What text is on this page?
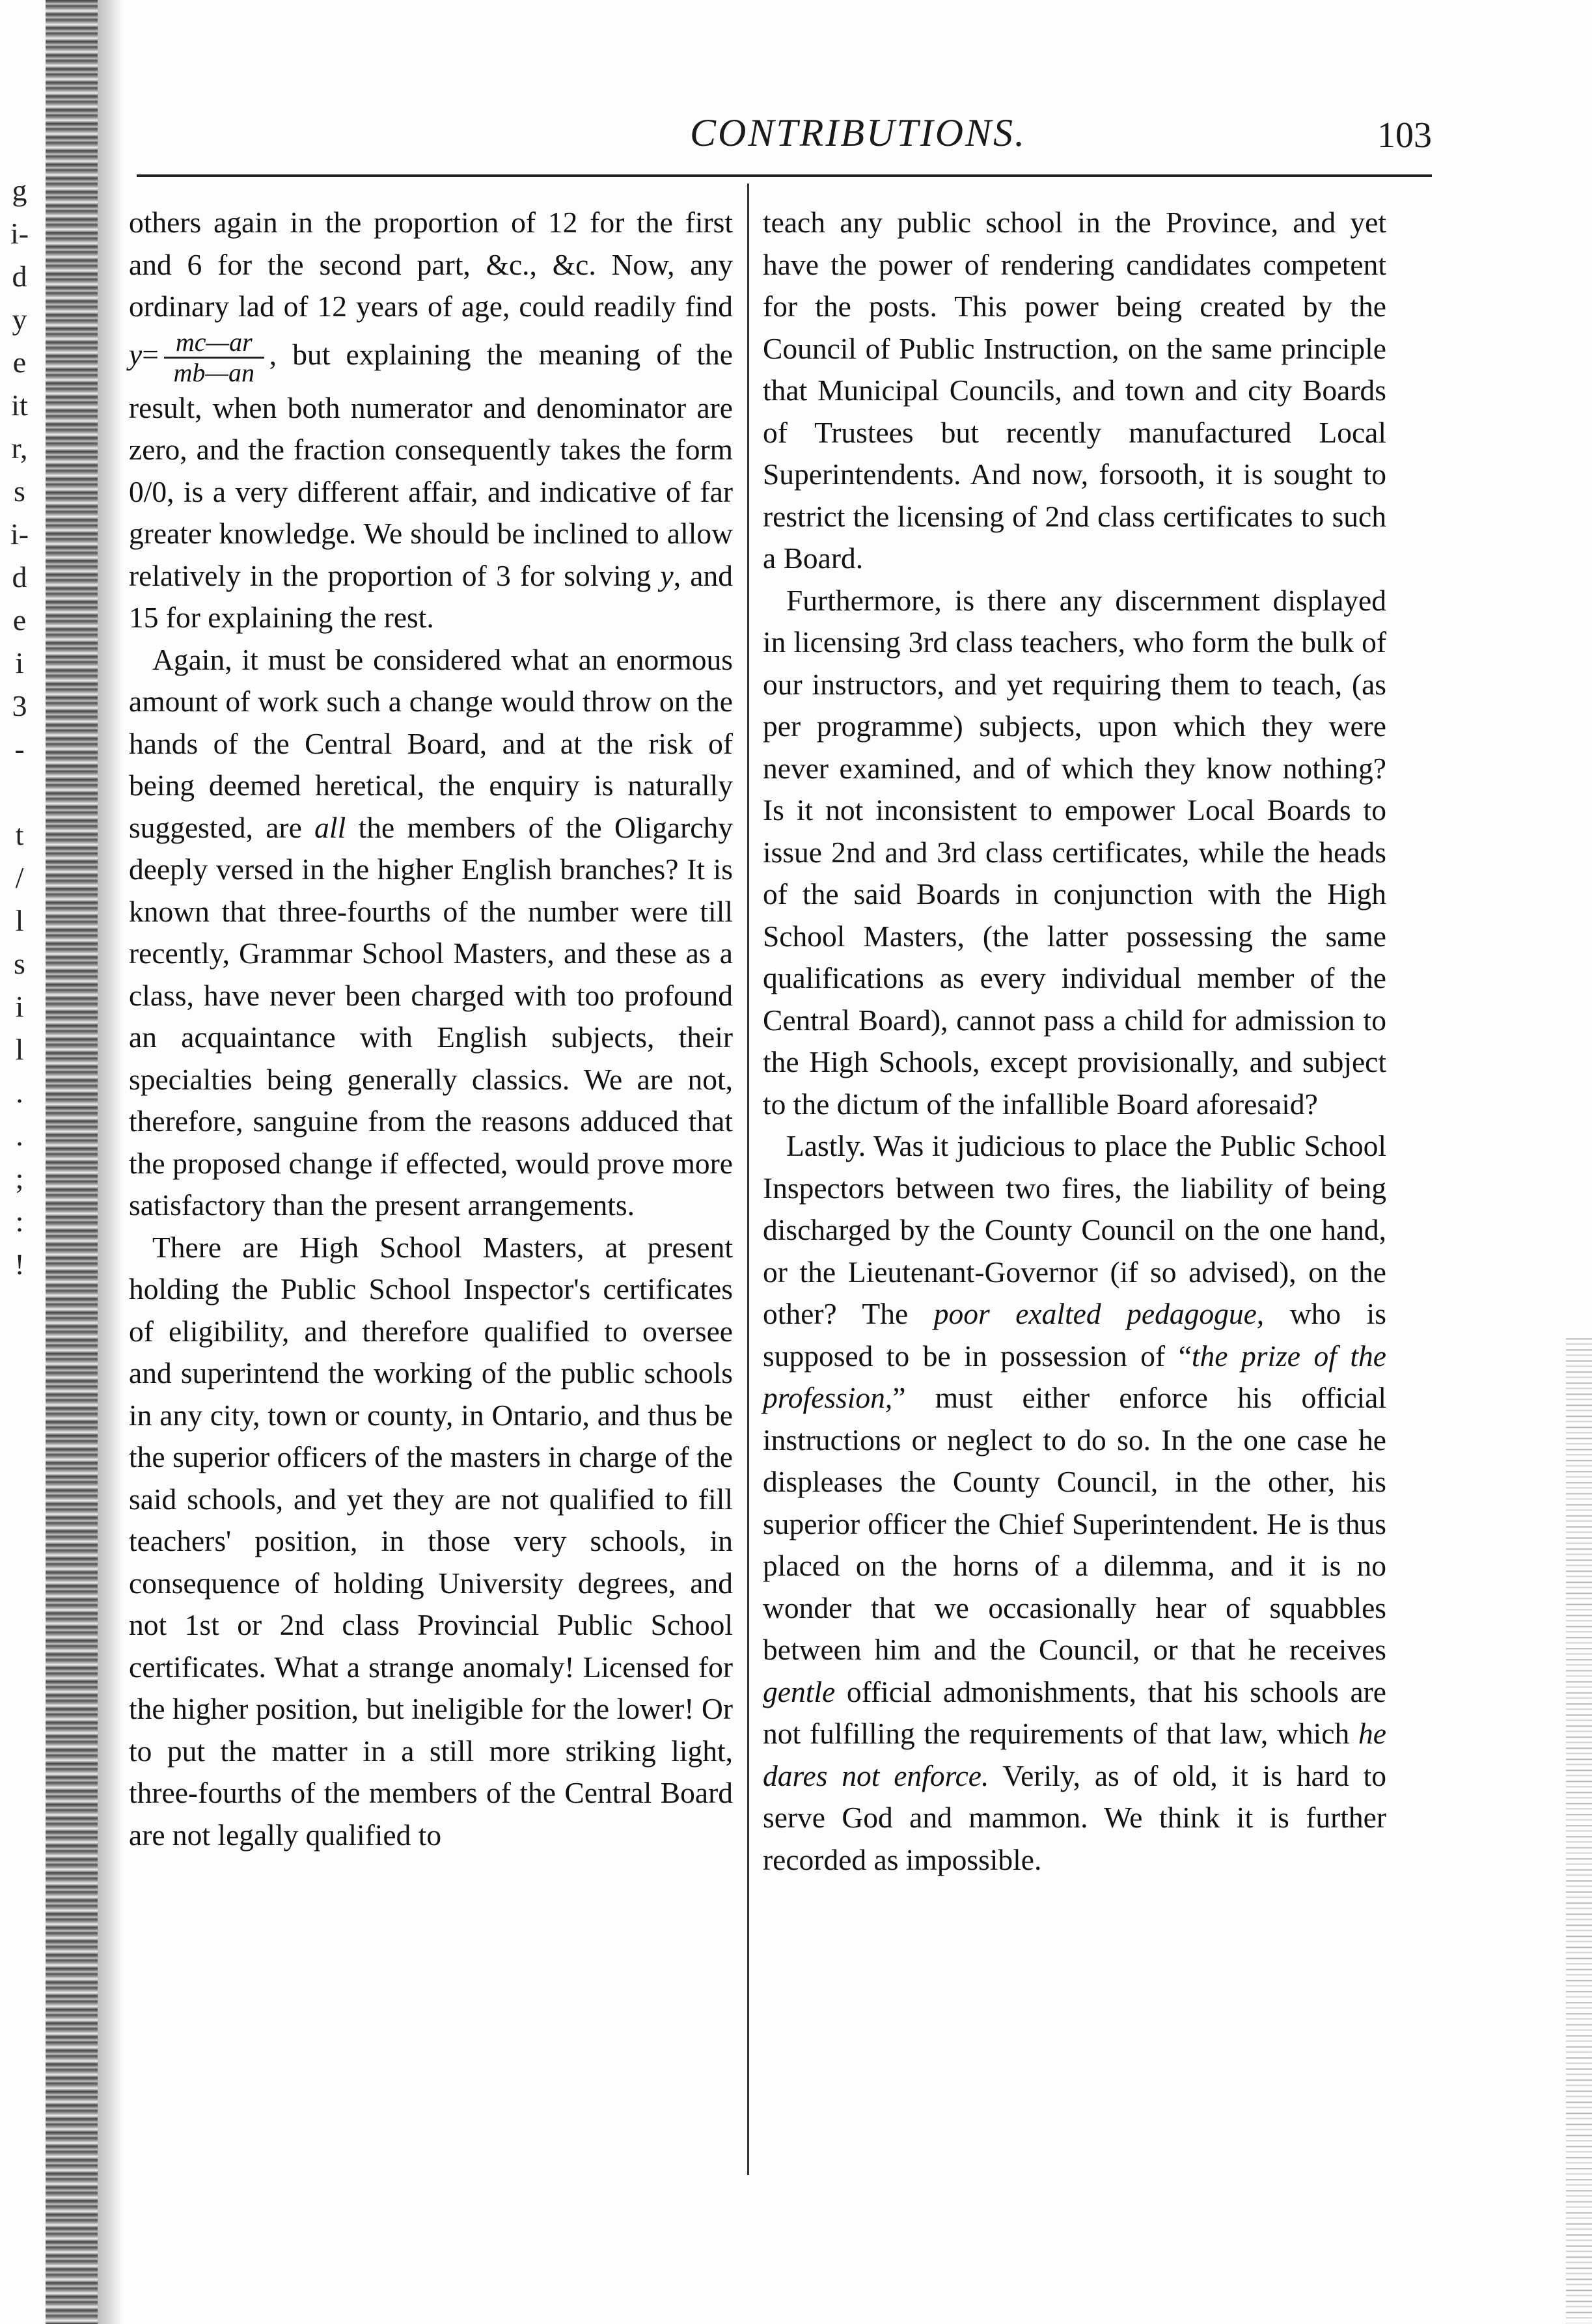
g
i-
d
y
e
it
r,
s
i-
d
e
i
3
-
t
/
l
s
i
l
.
.
;
:
!
CONTRIBUTIONS.	103

others again in the proportion of 12 for the first and 6 for the second part, &c., &c. Now, any ordinary lad of 12 years of age, could readily find $y= \frac{mc—ar}{mb—an}$ , but explaining the meaning of the result, when both numerator and denominator are zero, and the fraction consequently takes the form 0/0, is a very different affair, and indicative of far greater knowledge. We should be inclined to allow relatively in the proportion of 3 for solving y, and 15 for explaining the rest.

Again, it must be considered what an enormous amount of work such a change would throw on the hands of the Central Board, and at the risk of being deemed heretical, the enquiry is naturally suggested, are all the members of the Oligarchy deeply versed in the higher English branches? It is known that three-fourths of the number were till recently, Grammar School Masters, and these as a class, have never been charged with too profound an acquaintance with English subjects, their specialties being generally classics. We are not, therefore, sanguine from the reasons adduced that the proposed change if effected, would prove more satisfactory than the present arrangements.

There are High School Masters, at present holding the Public School Inspector's certificates of eligibility, and therefore qualified to oversee and superintend the working of the public schools in any city, town or county, in Ontario, and thus be the superior officers of the masters in charge of the said schools, and yet they are not qualified to fill teachers' position, in those very schools, in consequence of holding University degrees, and not 1st or 2nd class Provincial Public School certificates. What a strange anomaly! Licensed for the higher position, but ineligible for the lower! Or to put the matter in a still more striking light, three-fourths of the members of the Central Board are not legally qualified to

teach any public school in the Province, and yet have the power of rendering candidates competent for the posts. This power being created by the Council of Public Instruction, on the same principle that Municipal Councils, and town and city Boards of Trustees but recently manufactured Local Superintendents. And now, forsooth, it is sought to restrict the licensing of 2nd class certificates to such a Board.

Furthermore, is there any discernment displayed in licensing 3rd class teachers, who form the bulk of our instructors, and yet requiring them to teach, (as per programme) subjects, upon which they were never examined, and of which they know nothing? Is it not inconsistent to empower Local Boards to issue 2nd and 3rd class certificates, while the heads of the said Boards in conjunction with the High School Masters, (the latter possessing the same qualifications as every individual member of the Central Board), cannot pass a child for admission to the High Schools, except provisionally, and subject to the dictum of the infallible Board aforesaid?

Lastly. Was it judicious to place the Public School Inspectors between two fires, the liability of being discharged by the County Council on the one hand, or the Lieutenant-Governor (if so advised), on the other? The poor exalted pedagogue, who is supposed to be in possession of “the prize of the profession,” must either enforce his official instructions or neglect to do so. In the one case he displeases the County Council, in the other, his superior officer the Chief Superintendent. He is thus placed on the horns of a dilemma, and it is no wonder that we occasionally hear of squabbles between him and the Council, or that he receives gentle official admonishments, that his schools are not fulfilling the requirements of that law, which he dares not enforce. Verily, as of old, it is hard to serve God and mammon. We think it is further recorded as impossible.
